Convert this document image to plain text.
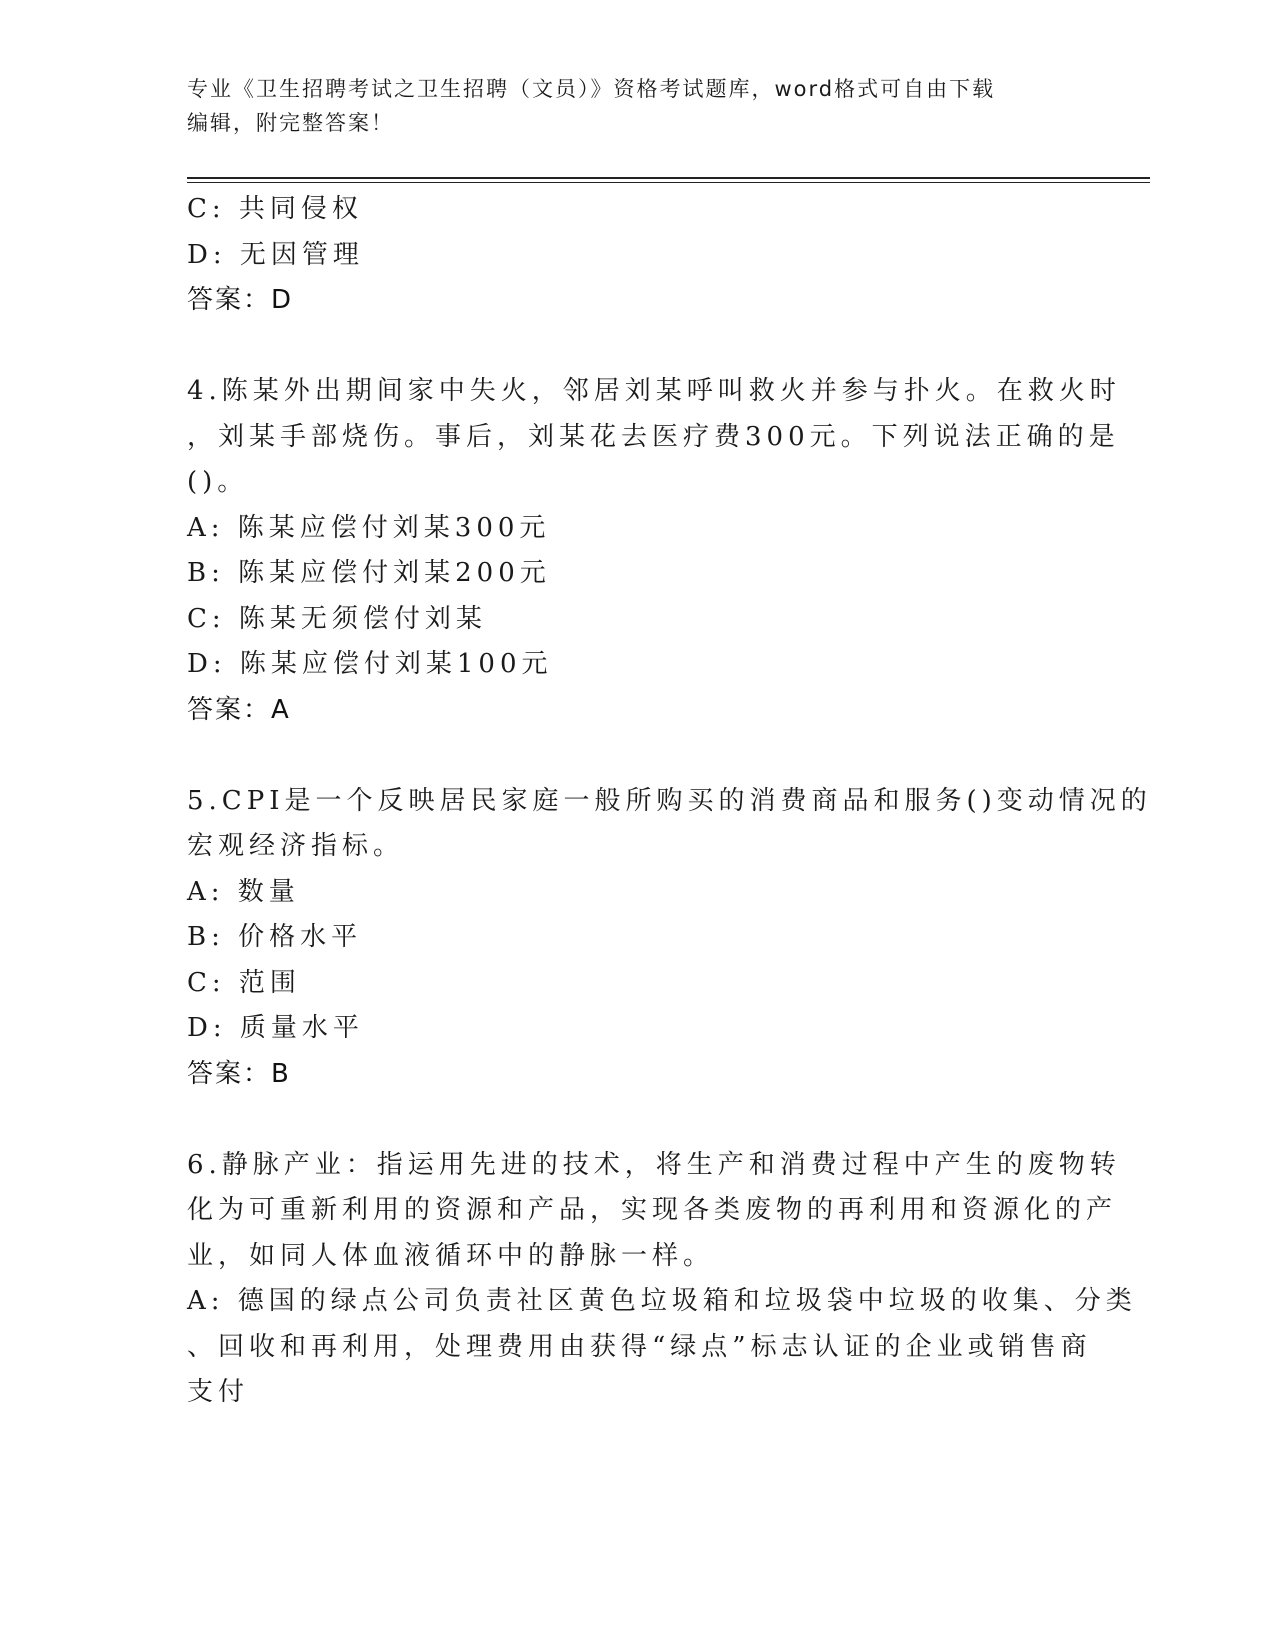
专业《卫生招聘考试之卫生招聘（文员）》资格考试题库，word格式可自由下载
编辑，附完整答案！
C: 共同侵权
D: 无因管理
答案：D
4.陈某外出期间家中失火，邻居刘某呼叫救火并参与扑火。在救火时
，刘某手部烧伤。事后，刘某花去医疗费300元。下列说法正确的是
()。
A: 陈某应偿付刘某300元
B: 陈某应偿付刘某200元
C: 陈某无须偿付刘某
D: 陈某应偿付刘某100元
答案：A
5.CPI是一个反映居民家庭一般所购买的消费商品和服务()变动情况的
宏观经济指标。
A: 数量
B: 价格水平
C: 范围
D: 质量水平
答案：B
6.静脉产业：指运用先进的技术，将生产和消费过程中产生的废物转
化为可重新利用的资源和产品，实现各类废物的再利用和资源化的产
业，如同人体血液循环中的静脉一样。
A: 德国的绿点公司负责社区黄色垃圾箱和垃圾袋中垃圾的收集、分类
、回收和再利用，处理费用由获得“绿点”标志认证的企业或销售商
支付
